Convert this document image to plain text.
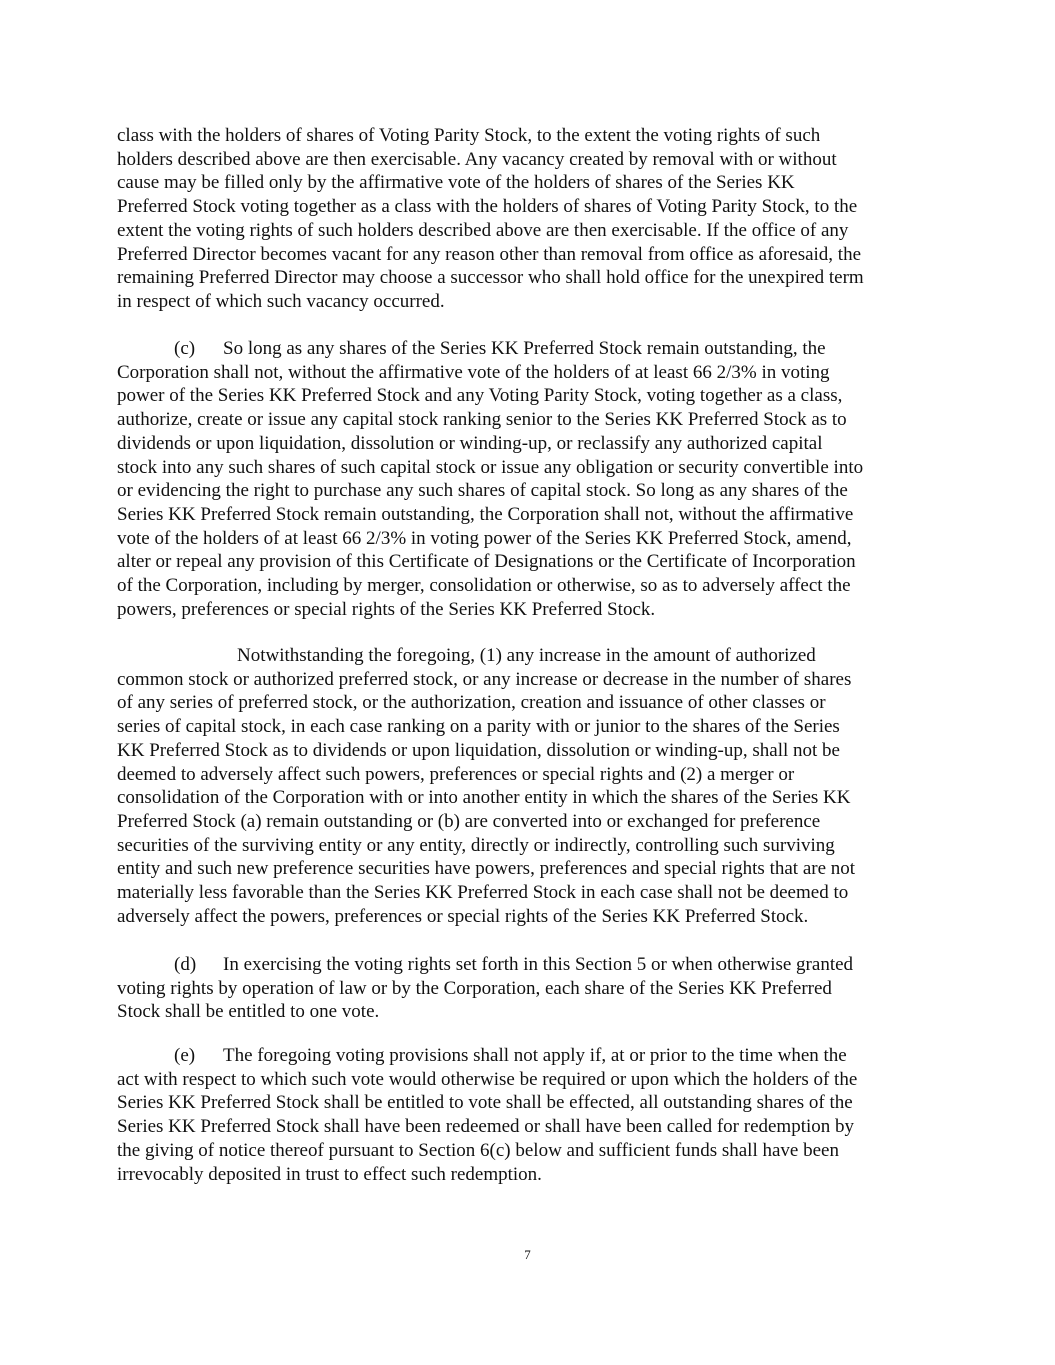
class with the holders of shares of Voting Parity Stock, to the extent the voting rights of such
holders described above are then exercisable. Any vacancy created by removal with or without
cause may be filled only by the affirmative vote of the holders of shares of the Series KK
Preferred Stock voting together as a class with the holders of shares of Voting Parity Stock, to the
extent the voting rights of such holders described above are then exercisable. If the office of any
Preferred Director becomes vacant for any reason other than removal from office as aforesaid, the
remaining Preferred Director may choose a successor who shall hold office for the unexpired term
in respect of which such vacancy occurred.
(c) So long as any shares of the Series KK Preferred Stock remain outstanding, the
Corporation shall not, without the affirmative vote of the holders of at least 66 2/3% in voting
power of the Series KK Preferred Stock and any Voting Parity Stock, voting together as a class,
authorize, create or issue any capital stock ranking senior to the Series KK Preferred Stock as to
dividends or upon liquidation, dissolution or winding-up, or reclassify any authorized capital
stock into any such shares of such capital stock or issue any obligation or security convertible into
or evidencing the right to purchase any such shares of capital stock. So long as any shares of the
Series KK Preferred Stock remain outstanding, the Corporation shall not, without the affirmative
vote of the holders of at least 66 2/3% in voting power of the Series KK Preferred Stock, amend,
alter or repeal any provision of this Certificate of Designations or the Certificate of Incorporation
of the Corporation, including by merger, consolidation or otherwise, so as to adversely affect the
powers, preferences or special rights of the Series KK Preferred Stock.
Notwithstanding the foregoing, (1) any increase in the amount of authorized
common stock or authorized preferred stock, or any increase or decrease in the number of shares
of any series of preferred stock, or the authorization, creation and issuance of other classes or
series of capital stock, in each case ranking on a parity with or junior to the shares of the Series
KK Preferred Stock as to dividends or upon liquidation, dissolution or winding-up, shall not be
deemed to adversely affect such powers, preferences or special rights and (2) a merger or
consolidation of the Corporation with or into another entity in which the shares of the Series KK
Preferred Stock (a) remain outstanding or (b) are converted into or exchanged for preference
securities of the surviving entity or any entity, directly or indirectly, controlling such surviving
entity and such new preference securities have powers, preferences and special rights that are not
materially less favorable than the Series KK Preferred Stock in each case shall not be deemed to
adversely affect the powers, preferences or special rights of the Series KK Preferred Stock.
(d) In exercising the voting rights set forth in this Section 5 or when otherwise granted
voting rights by operation of law or by the Corporation, each share of the Series KK Preferred
Stock shall be entitled to one vote.
(e) The foregoing voting provisions shall not apply if, at or prior to the time when the
act with respect to which such vote would otherwise be required or upon which the holders of the
Series KK Preferred Stock shall be entitled to vote shall be effected, all outstanding shares of the
Series KK Preferred Stock shall have been redeemed or shall have been called for redemption by
the giving of notice thereof pursuant to Section 6(c) below and sufficient funds shall have been
irrevocably deposited in trust to effect such redemption.
7
